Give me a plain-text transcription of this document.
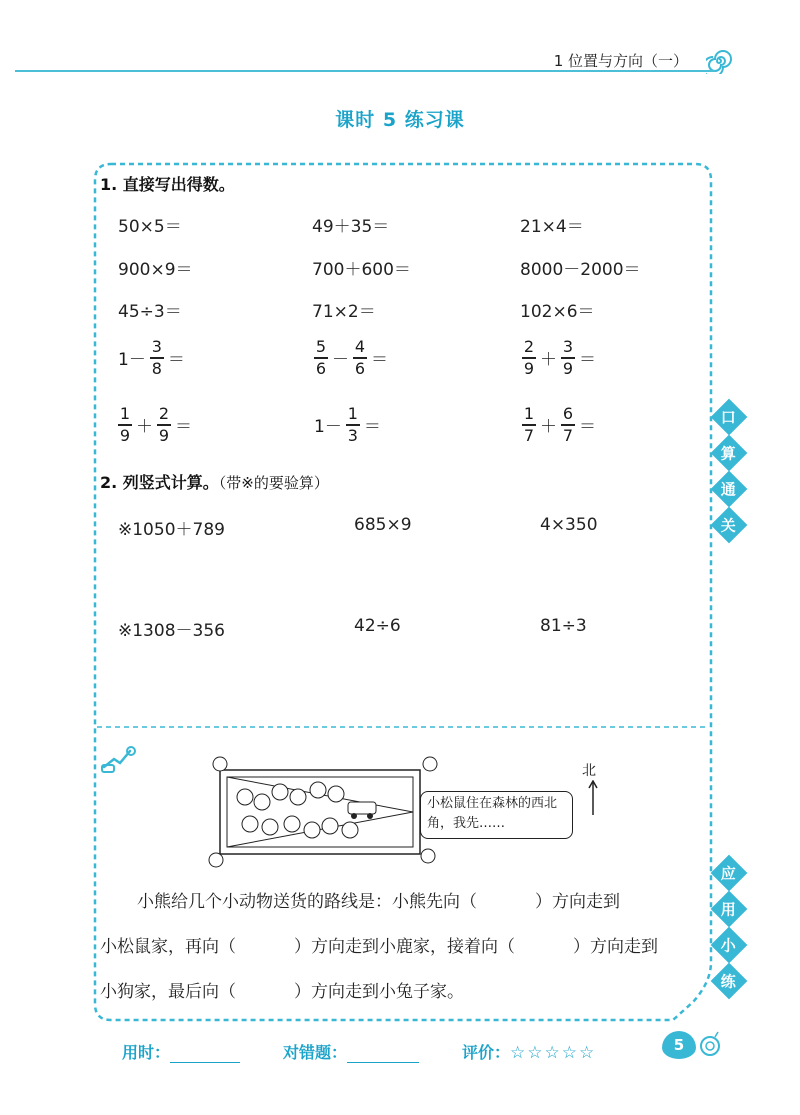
1 位置与方向（一）
课时 5 练习课
1. 直接写出得数。
50×5＝	49＋35＝	21×4＝
900×9＝	700＋600＝	8000－2000＝
45÷3＝	71×2＝	102×6＝
$1- \frac{3}{8}$ ＝	$\frac{5}{6} - \frac{4}{6}$ ＝	$\frac{2}{9} + \frac{3}{9}$ ＝
$\frac{1}{9} + \frac{2}{9}$ ＝	$1- \frac{1}{3}$ ＝	$\frac{1}{7} + \frac{6}{7}$ ＝
2. 列竖式计算。（带※的要验算）
※1050＋789	685×9	4×350
※1308－356	42÷6	81÷3
口
算
通
关
应
用
小
练
小松鼠住在森林的西北角，我先……
北
小熊给几个小动物送货的路线是：小熊先向（	）方向走到
小松鼠家，再向（	）方向走到小鹿家，接着向（	）方向走到
小狗家，最后向（	）方向走到小兔子家。
用时：	对错题：	评价：☆☆☆☆☆	5
